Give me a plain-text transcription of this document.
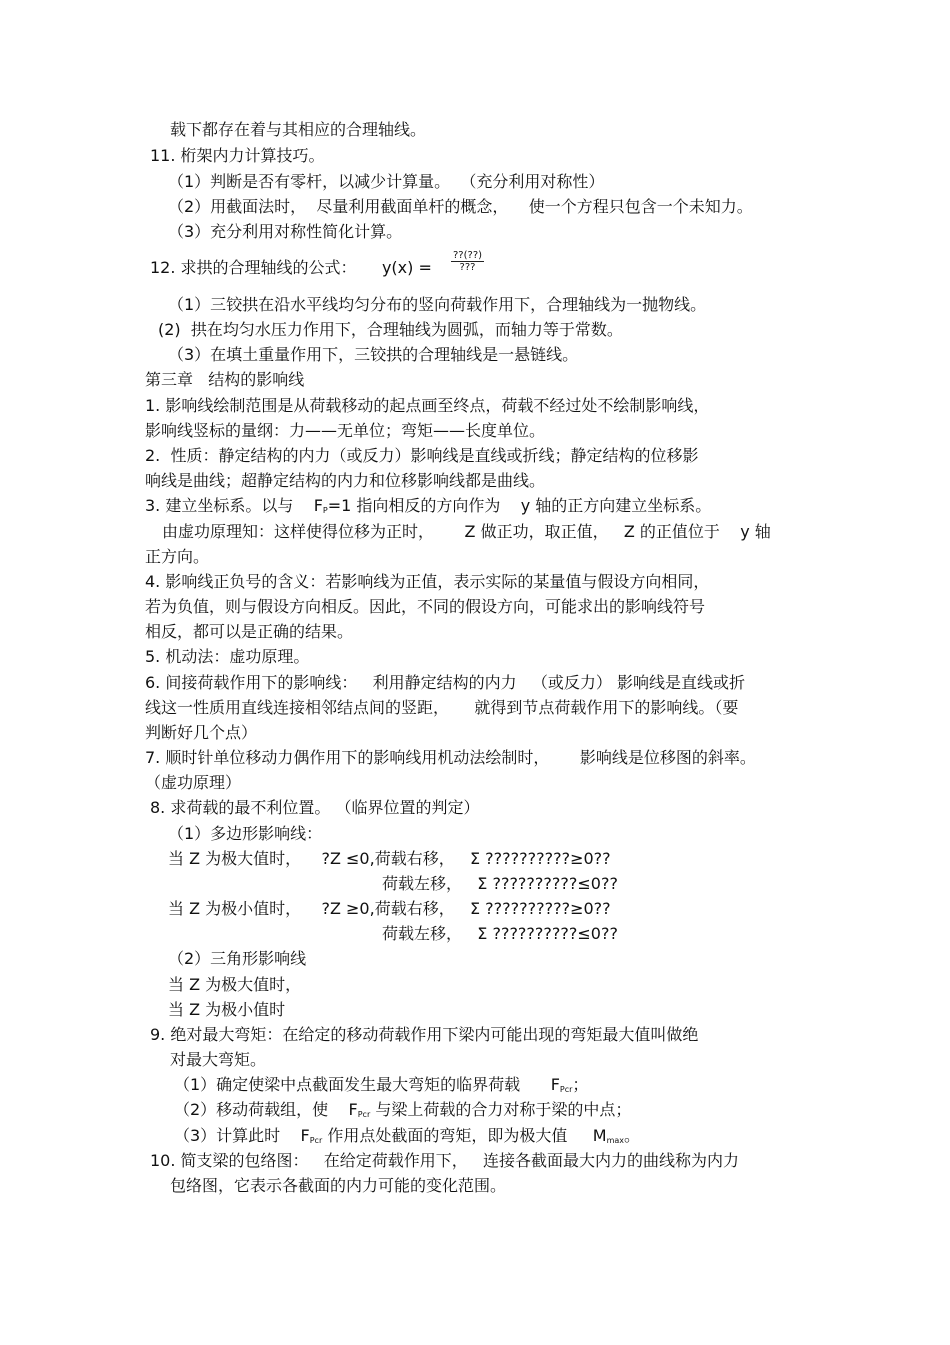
载下都存在着与其相应的合理轴线。
11. 桁架内力计算技巧。
（1）判断是否有零杆，以减少计算量。  （充分利用对称性）
（2）用截面法时，  尽量利用截面单杆的概念，    使一个方程只包含一个未知力。
（3）充分利用对称性简化计算。
12. 求拱的合理轴线的公式：     y(x) =
??(??)
???
（1）三铰拱在沿水平线均匀分布的竖向荷载作用下，合理轴线为一抛物线。
(2)  拱在均匀水压力作用下，合理轴线为圆弧，而轴力等于常数。
（3）在填土重量作用下，三铰拱的合理轴线是一悬链线。
第三章   结构的影响线
1. 影响线绘制范围是从荷载移动的起点画至终点，荷载不经过处不绘制影响线，
影响线竖标的量纲：力——无单位；弯矩——长度单位。
2.  性质：静定结构的内力（或反力）影响线是直线或折线；静定结构的位移影
响线是曲线；超静定结构的内力和位移影响线都是曲线。
3. 建立坐标系。以与    $F_P=1$ 指向相反的方向作为    y 轴的正方向建立坐标系。
由虚功原理知：这样使得位移为正时，      Z 做正功，取正值，   Z 的正值位于    y 轴
正方向。
4. 影响线正负号的含义：若影响线为正值，表示实际的某量值与假设方向相同，
若为负值，则与假设方向相反。因此，不同的假设方向，可能求出的影响线符号
相反，都可以是正确的结果。
5. 机动法：虚功原理。
6. 间接荷载作用下的影响线：   利用静定结构的内力   （或反力） 影响线是直线或折
线这一性质用直线连接相邻结点间的竖距，     就得到节点荷载作用下的影响线。（要
判断好几个点）
7. 顺时针单位移动力偶作用下的影响线用机动法绘制时，      影响线是位移图的斜率。
（虚功原理）
8. 求荷载的最不利位置。 （临界位置的判定）
（1）多边形影响线：
当 Z 为极大值时，    ?Z ≤0,荷载右移，   Σ ??????????≥0??
荷载左移，   Σ ??????????≤0??
当 Z 为极小值时，    ?Z ≥0,荷载右移，   Σ ??????????≥0??
荷载左移，   Σ ??????????≤0??
（2）三角形影响线
当 Z 为极大值时，
当 Z 为极小值时
9. 绝对最大弯矩：在给定的移动荷载作用下梁内可能出现的弯矩最大值叫做绝
对最大弯矩。
（1）确定使梁中点截面发生最大弯矩的临界荷载      $F_{Pcr}$；
（2）移动荷载组，使    $F_{Pcr}$ 与梁上荷载的合力对称于梁的中点；
（3）计算此时    $F_{Pcr}$ 作用点处截面的弯矩，即为极大值     $M_{max}$。
10. 简支梁的包络图：   在给定荷载作用下，   连接各截面最大内力的曲线称为内力
包络图，它表示各截面的内力可能的变化范围。
